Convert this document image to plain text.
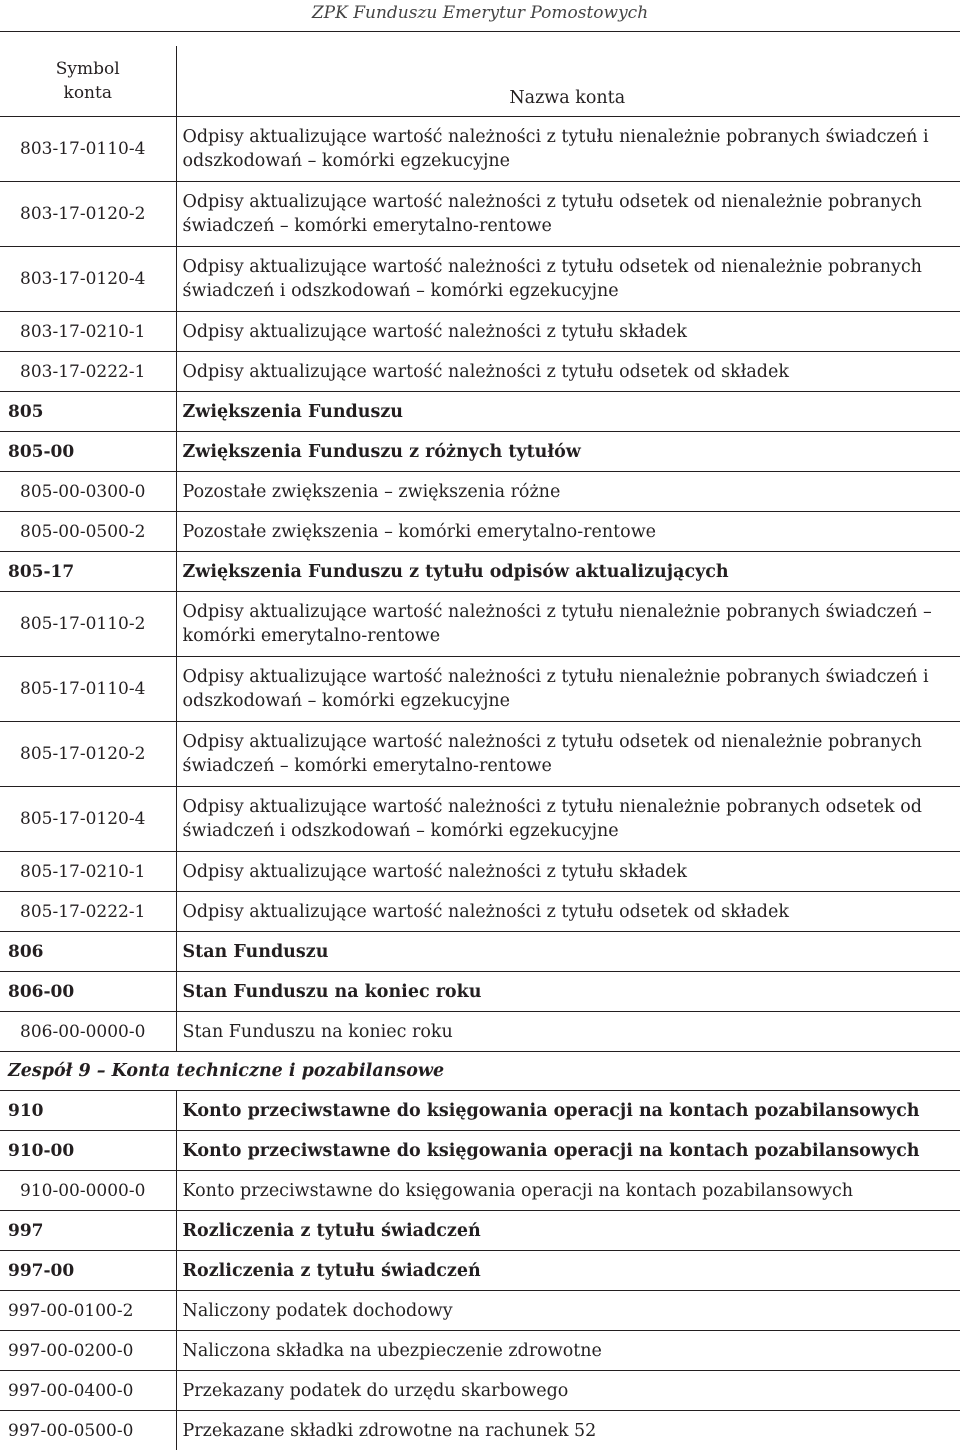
ZPK Funduszu Emerytur Pomostowych
Symbol
konta	Nazwa konta
803-17-0110-4	Odpisy aktualizujące wartość należności z tytułu nienależnie pobranych świadczeń i odszkodowań – komórki egzekucyjne
803-17-0120-2	Odpisy aktualizujące wartość należności z tytułu odsetek od nienależnie pobranych świadczeń – komórki emerytalno-rentowe
803-17-0120-4	Odpisy aktualizujące wartość należności z tytułu odsetek od nienależnie pobranych świadczeń i odszkodowań – komórki egzekucyjne
803-17-0210-1	Odpisy aktualizujące wartość należności z tytułu składek
803-17-0222-1	Odpisy aktualizujące wartość należności z tytułu odsetek od składek
805	Zwiększenia Funduszu
805-00	Zwiększenia Funduszu z różnych tytułów
805-00-0300-0	Pozostałe zwiększenia – zwiększenia różne
805-00-0500-2	Pozostałe zwiększenia – komórki emerytalno-rentowe
805-17	Zwiększenia Funduszu z tytułu odpisów aktualizujących
805-17-0110-2	Odpisy aktualizujące wartość należności z tytułu nienależnie pobranych świadczeń – komórki emerytalno-rentowe
805-17-0110-4	Odpisy aktualizujące wartość należności z tytułu nienależnie pobranych świadczeń i odszkodowań – komórki egzekucyjne
805-17-0120-2	Odpisy aktualizujące wartość należności z tytułu odsetek od nienależnie pobranych świadczeń – komórki emerytalno-rentowe
805-17-0120-4	Odpisy aktualizujące wartość należności z tytułu nienależnie pobranych odsetek od świadczeń i odszkodowań – komórki egzekucyjne
805-17-0210-1	Odpisy aktualizujące wartość należności z tytułu składek
805-17-0222-1	Odpisy aktualizujące wartość należności z tytułu odsetek od składek
806	Stan Funduszu
806-00	Stan Funduszu na koniec roku
806-00-0000-0	Stan Funduszu na koniec roku
Zespół 9 – Konta techniczne i pozabilansowe	
910	Konto przeciwstawne do księgowania operacji na kontach pozabilansowych
910-00	Konto przeciwstawne do księgowania operacji na kontach pozabilansowych
910-00-0000-0	Konto przeciwstawne do księgowania operacji na kontach pozabilansowych
997	Rozliczenia z tytułu świadczeń
997-00	Rozliczenia z tytułu świadczeń
997-00-0100-2	Naliczony podatek dochodowy
997-00-0200-0	Naliczona składka na ubezpieczenie zdrowotne
997-00-0400-0	Przekazany podatek do urzędu skarbowego
997-00-0500-0	Przekazane składki zdrowotne na rachunek 52
